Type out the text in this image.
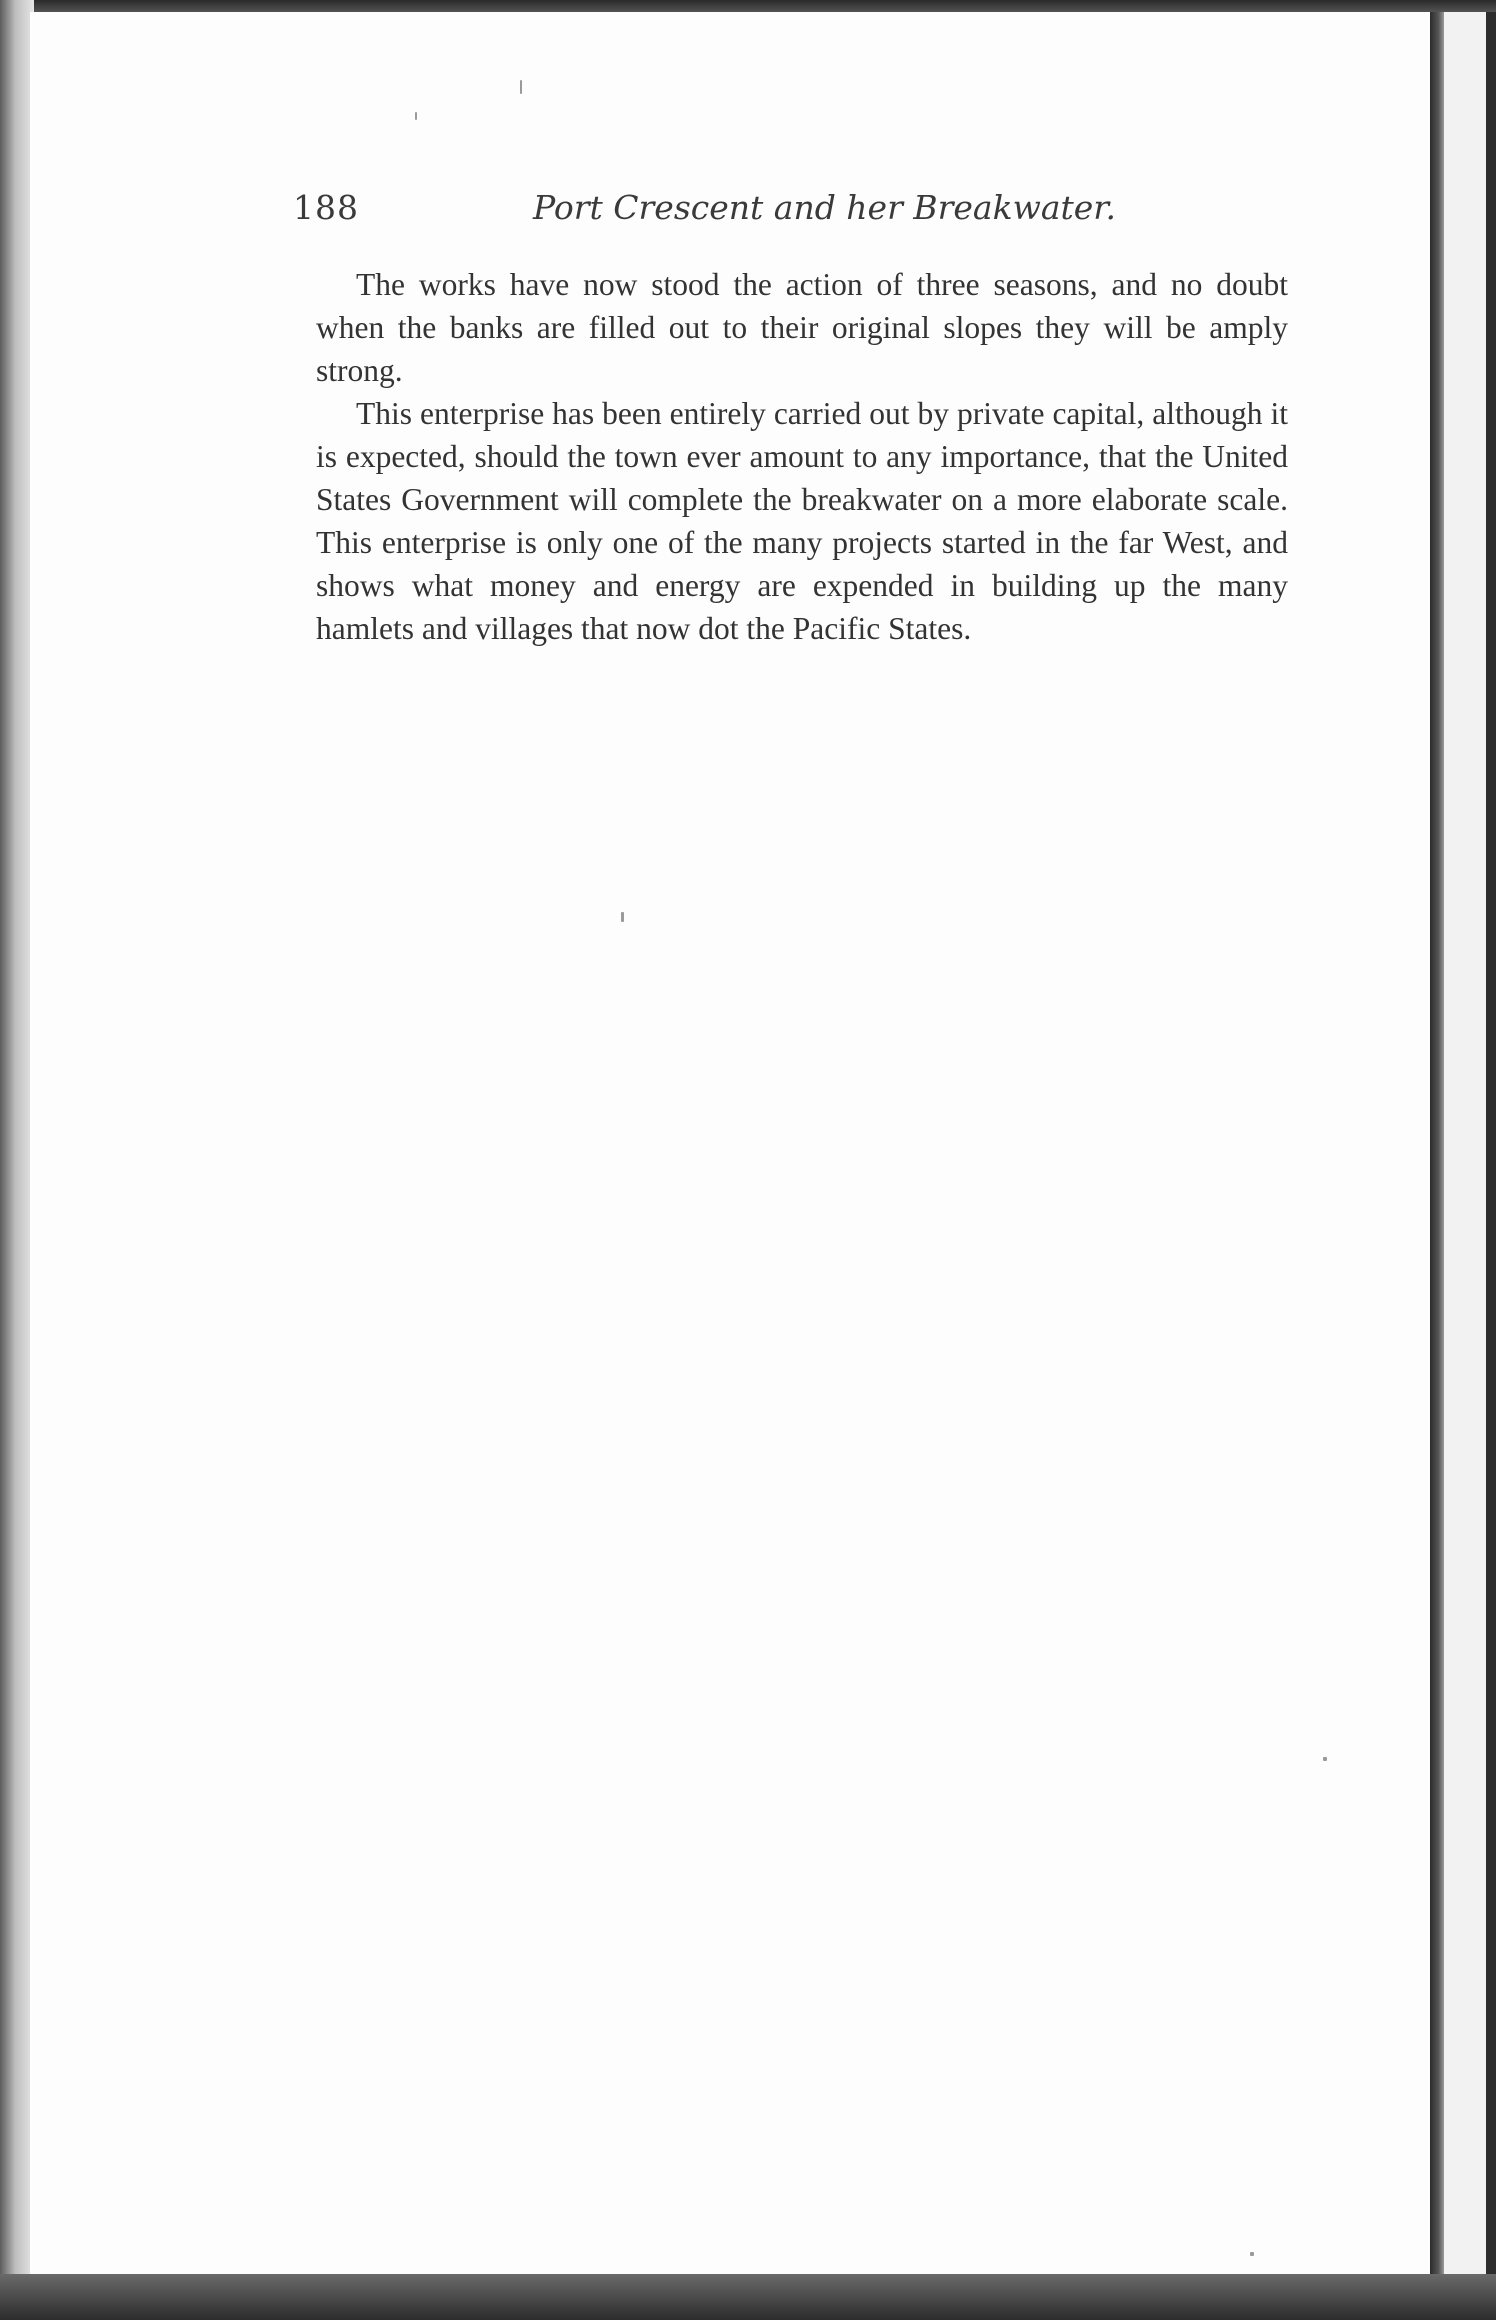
188	Port Crescent and her Breakwater.

The works have now stood the action of three seasons, and no doubt when the banks are filled out to their original slopes they will be amply strong.

This enterprise has been entirely carried out by private capital, although it is expected, should the town ever amount to any importance, that the United States Government will complete the breakwater on a more elaborate scale. This enterprise is only one of the many projects started in the far West, and shows what money and energy are expended in building up the many hamlets and villages that now dot the Pacific States.
